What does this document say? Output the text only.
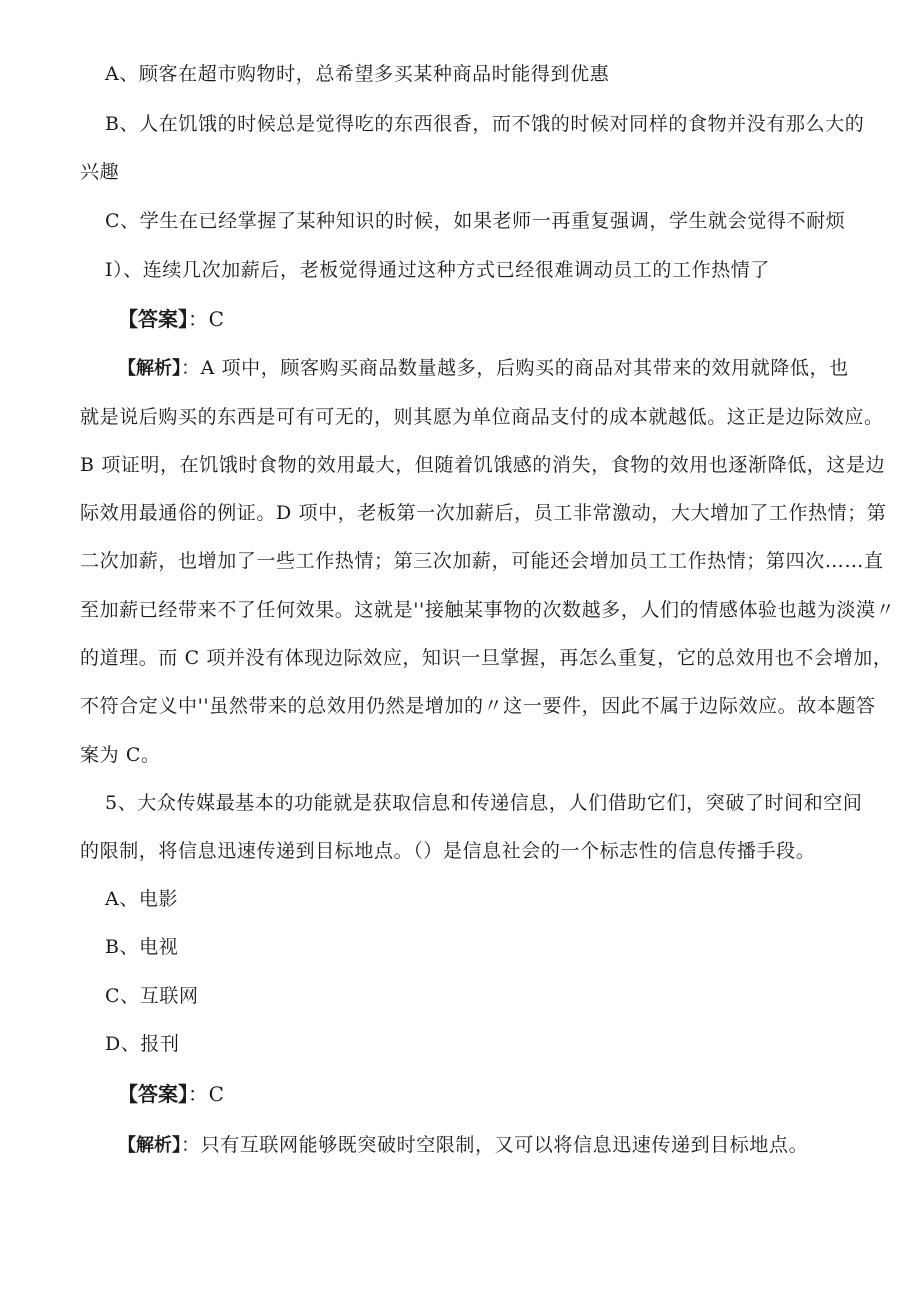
A、顾客在超市购物时，总希望多买某种商品时能得到优惠
B、人在饥饿的时候总是觉得吃的东西很香，而不饿的时候对同样的食物并没有那么大的
兴趣
C、学生在已经掌握了某种知识的时候，如果老师一再重复强调，学生就会觉得不耐烦
I）、连续几次加薪后，老板觉得通过这种方式已经很难调动员工的工作热情了
【答案】：C
【解析】：A 项中，顾客购买商品数量越多，后购买的商品对其带来的效用就降低，也
就是说后购买的东西是可有可无的，则其愿为单位商品支付的成本就越低。这正是边际效应。
B 项证明，在饥饿时食物的效用最大，但随着饥饿感的消失，食物的效用也逐渐降低，这是边
际效用最通俗的例证。D 项中，老板第一次加薪后，员工非常激动，大大增加了工作热情；第
二次加薪，也增加了一些工作热情；第三次加薪，可能还会增加员工工作热情；第四次……直
至加薪已经带来不了任何效果。这就是''接触某事物的次数越多，人们的情感体验也越为淡漠〃
的道理。而 C 项并没有体现边际效应，知识一旦掌握，再怎么重复，它的总效用也不会增加，
不符合定义中''虽然带来的总效用仍然是增加的〃这一要件，因此不属于边际效应。故本题答
案为 C。
5、大众传媒最基本的功能就是获取信息和传递信息，人们借助它们，突破了时间和空间
的限制，将信息迅速传递到目标地点。（）是信息社会的一个标志性的信息传播手段。
A、电影
B、电视
C、互联网
D、报刊
【答案】：C
【解析】：只有互联网能够既突破时空限制，又可以将信息迅速传递到目标地点。
